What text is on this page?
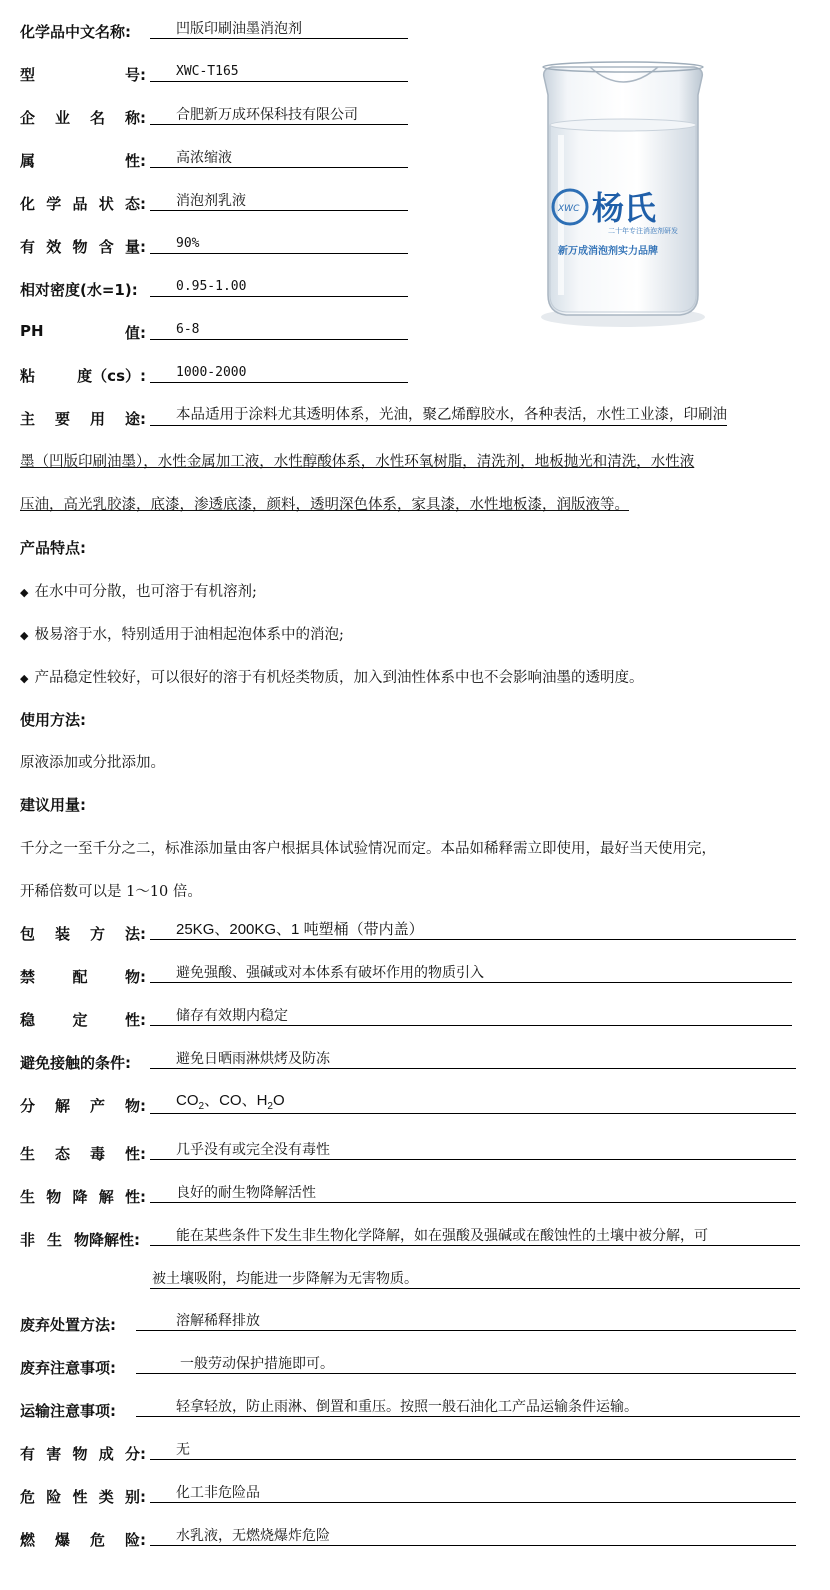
化学品中文名称:	凹版印刷油墨消泡剂
型	号:	XWC-T165
企 业 名 称:	合肥新万成环保科技有限公司
属	性:	高浓缩液
化 学 品 状 态:	消泡剂乳液
有 效 物 含 量:	90%
相对密度(水=1):	0.95-1.00
PH	值:	6-8
粘	度（cs）:	1000-2000
XWC 杨氏
二十年专注消泡剂研发
新万成消泡剂实力品牌
主 要 用 途:	本品适用于涂料尤其透明体系，光油，聚乙烯醇胶水，各种表活，水性工业漆，印刷油
墨（凹版印刷油墨），水性金属加工液，水性醇酸体系，水性环氧树脂，清洗剂，地板抛光和清洗，水性液
压油，高光乳胶漆，底漆，渗透底漆，颜料，透明深色体系，家具漆，水性地板漆，润版液等。
产品特点:
◆ 在水中可分散，也可溶于有机溶剂;
◆ 极易溶于水，特别适用于油相起泡体系中的消泡;
◆ 产品稳定性较好，可以很好的溶于有机烃类物质，加入到油性体系中也不会影响油墨的透明度。
使用方法:
原液添加或分批添加。
建议用量:
千分之一至千分之二，标准添加量由客户根据具体试验情况而定。本品如稀释需立即使用，最好当天使用完，
开稀倍数可以是 1～10 倍。
包 装 方 法:	25KG、200KG、1 吨塑桶（带内盖）
禁 配 物:	避免强酸、强碱或对本体系有破坏作用的物质引入
稳 定 性:	储存有效期内稳定
避免接触的条件:	避免日晒雨淋烘烤及防冻
分 解 产 物:	$CO_2$、CO、$H_2O$
生 态 毒 性:	几乎没有或完全没有毒性
生 物 降 解 性:	良好的耐生物降解活性
非 生 物降解性:	能在某些条件下发生非生物化学降解，如在强酸及强碱或在酸蚀性的土壤中被分解，可
被土壤吸附，均能进一步降解为无害物质。
废弃处置方法:	溶解稀释排放
废弃注意事项:	一般劳动保护措施即可。
运输注意事项:	轻拿轻放，防止雨淋、倒置和重压。按照一般石油化工产品运输条件运输。
有 害 物 成 分:	无
危 险 性 类 别:	化工非危险品
燃 爆 危 险:	水乳液，无燃烧爆炸危险
